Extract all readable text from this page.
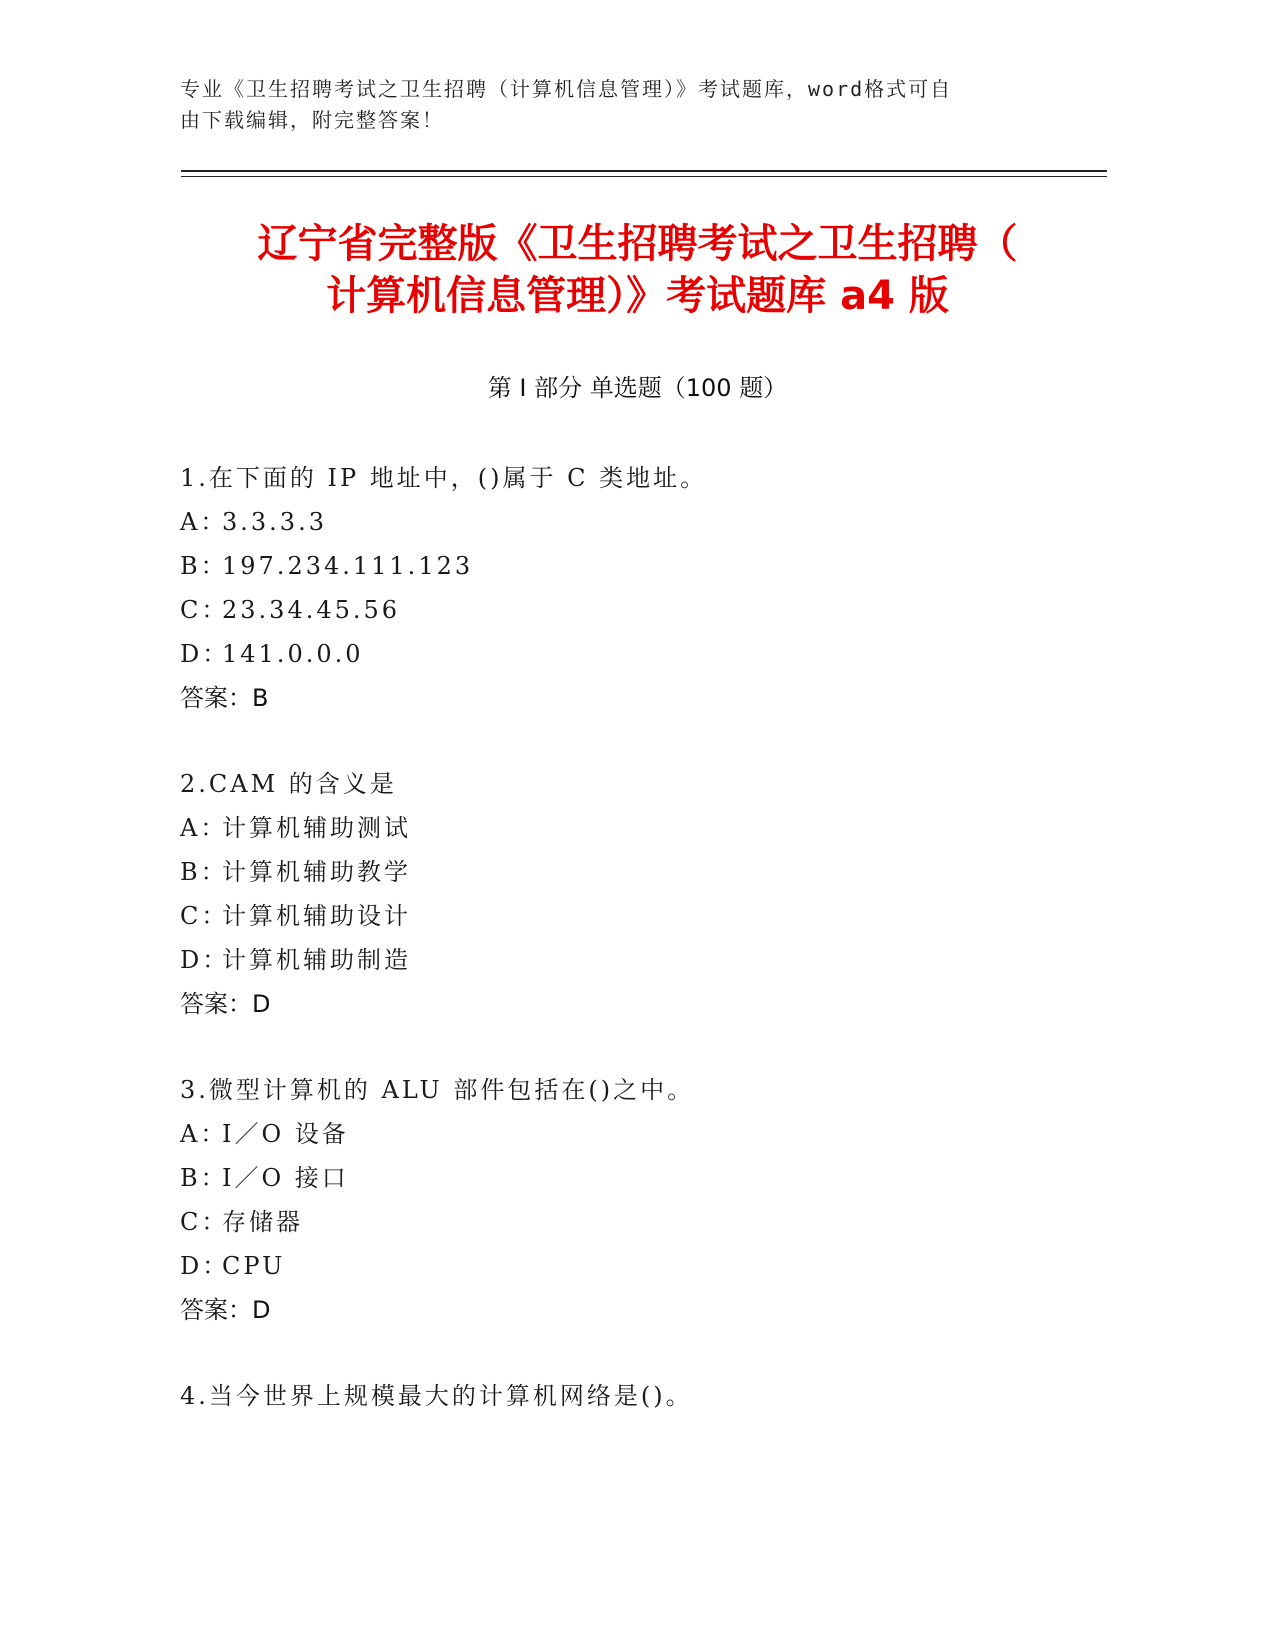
专业《卫生招聘考试之卫生招聘（计算机信息管理）》考试题库，word格式可自
由下载编辑，附完整答案！
辽宁省完整版《卫生招聘考试之卫生招聘（
计算机信息管理）》考试题库 a4 版
第 I 部分 单选题（100 题）
1.在下面的 IP 地址中，()属于 C 类地址。
A：3.3.3.3
B：197.234.111.123
C：23.34.45.56
D：141.0.0.0
答案：B
2.CAM 的含义是
A：计算机辅助测试
B：计算机辅助教学
C：计算机辅助设计
D：计算机辅助制造
答案：D
3.微型计算机的 ALU 部件包括在()之中。
A：I／O 设备
B：I／O 接口
C：存储器
D：CPU
答案：D
4.当今世界上规模最大的计算机网络是()。
